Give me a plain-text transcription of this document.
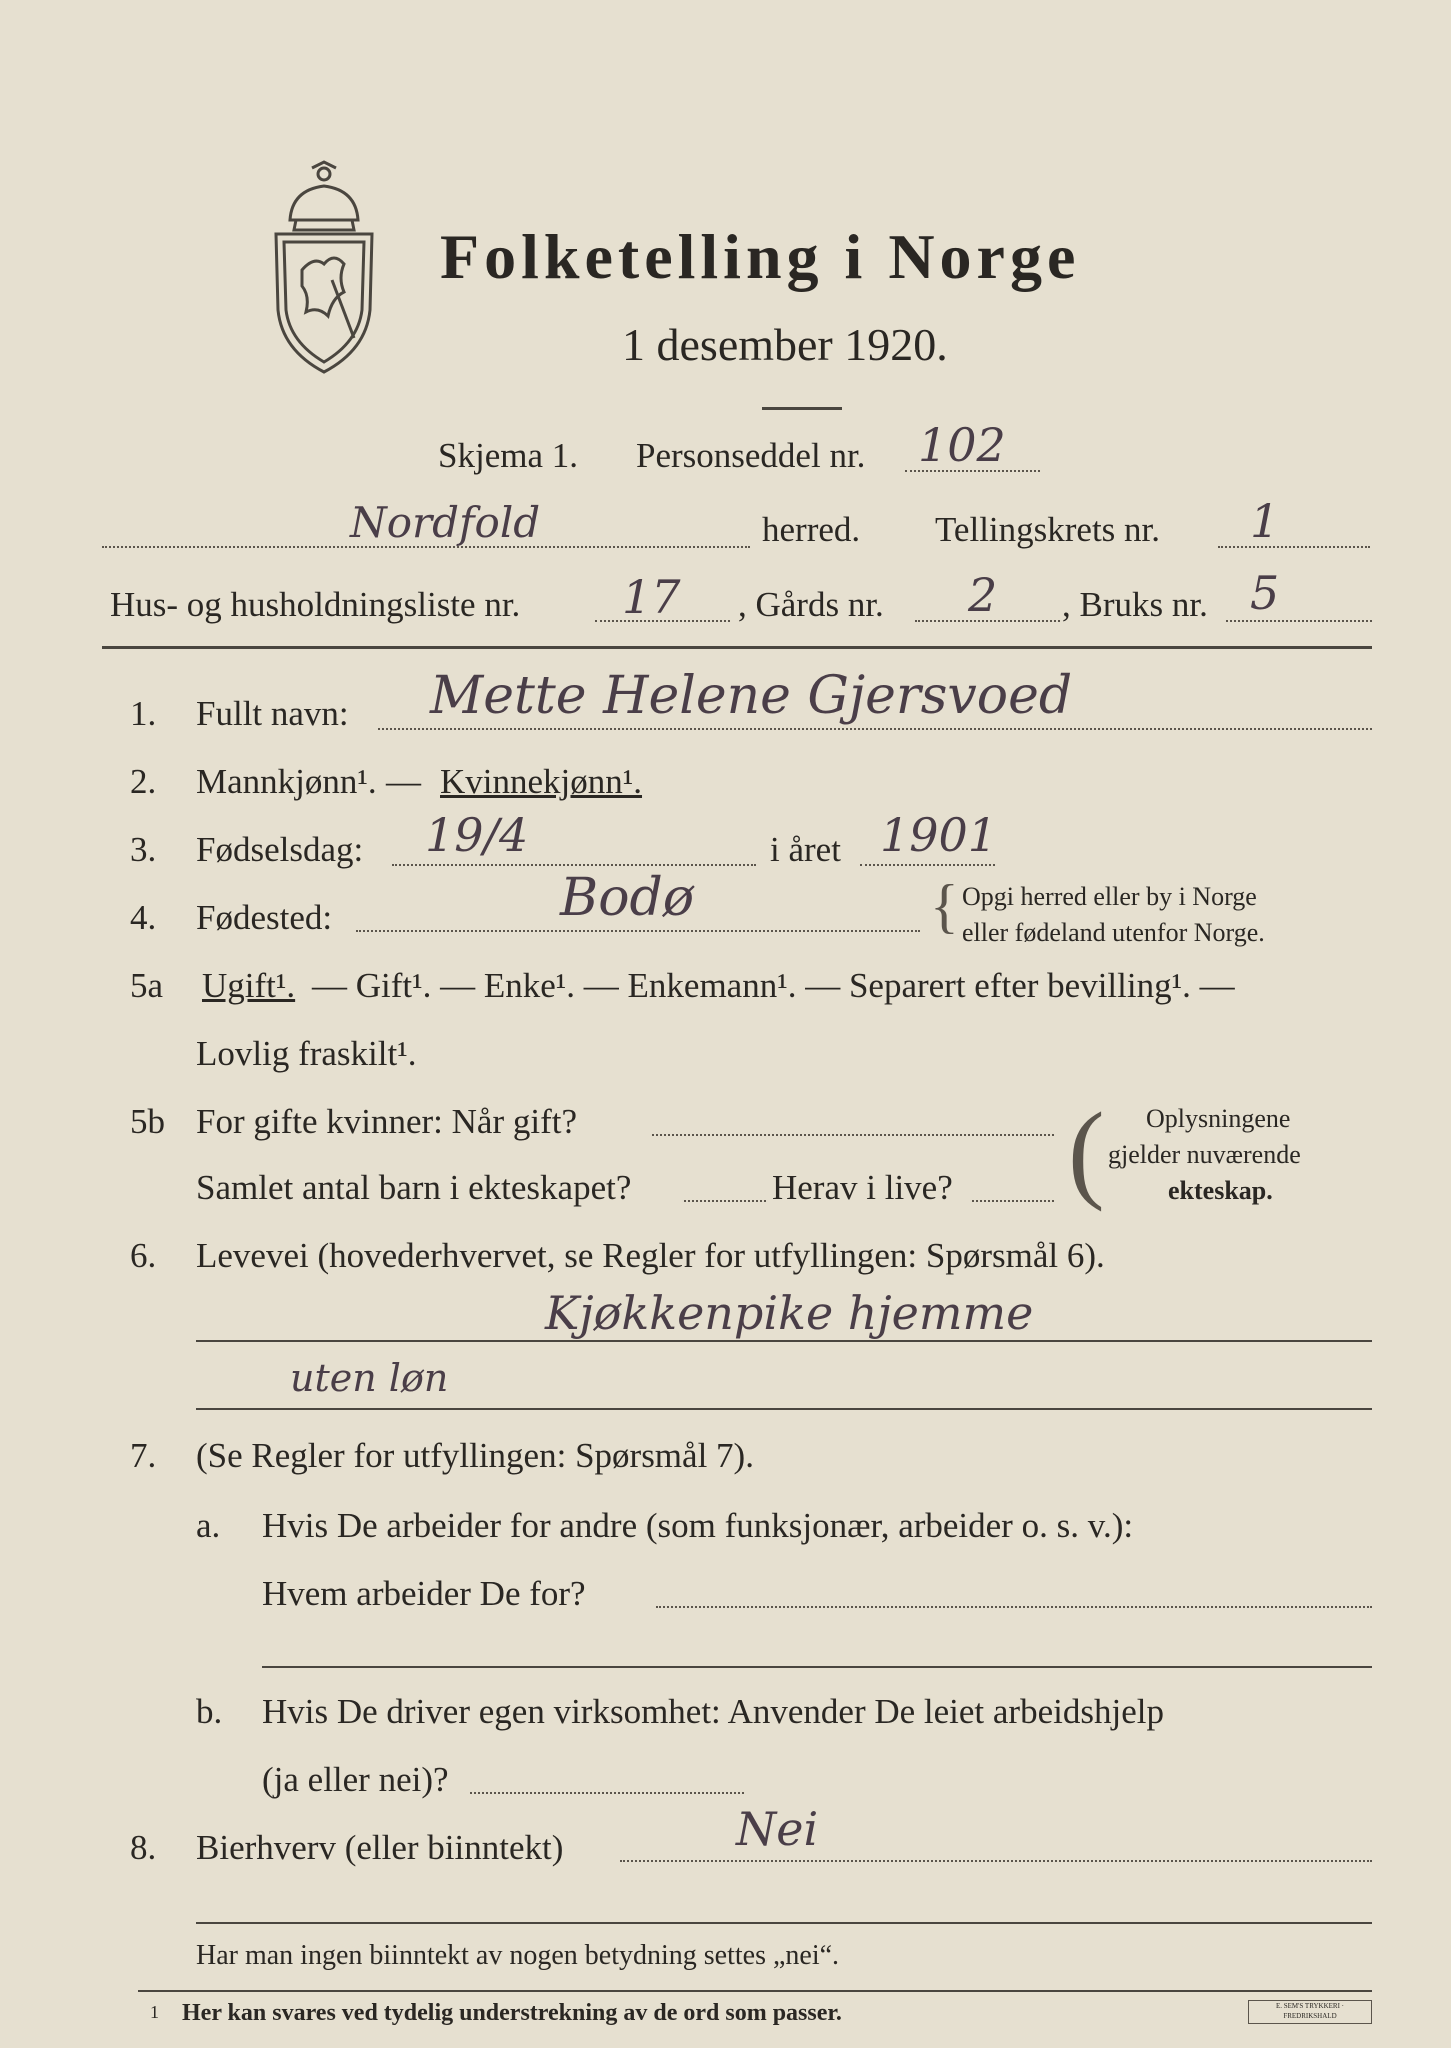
Folketelling i Norge
1 desember 1920.
Skjema 1. Personseddel nr. 102
Nordfold	herred. Tellingskrets nr. 1
Hus- og husholdningsliste nr. 17 , Gårds nr. 2 , Bruks nr. 5
1. Fullt navn: Mette Helene Gjersvoed
2. Mannkjønn¹. — Kvinnekjønn¹.
3. Fødselsdag: 19/4	i året 1901
4. Fødested:	Bodø	{ Opgi herred eller by i Norge
eller fødeland utenfor Norge.
5a Ugift¹. — Gift¹. — Enke¹. — Enkemann¹. — Separert efter bevilling¹. —
Lovlig fraskilt¹.
5b For gifte kvinner: Når gift?
Samlet antal barn i ekteskapet?	Herav i live? ( Oplysningene
gjelder nuværende
ekteskap.
6. Levevei (hovederhvervet, se Regler for utfyllingen: Spørsmål 6).
Kjøkkenpike hjemme
uten løn
7. (Se Regler for utfyllingen: Spørsmål 7).
a. Hvis De arbeider for andre (som funksjonær, arbeider o. s. v.):
Hvem arbeider De for?
b. Hvis De driver egen virksomhet: Anvender De leiet arbeidshjelp
(ja eller nei)?
8. Bierhverv (eller biinntekt)	Nei
Har man ingen biinntekt av nogen betydning settes „nei“.
1 Her kan svares ved tydelig understrekning av de ord som passer.	E. SEM'S TRYKKERI · FREDRIKSHALD
